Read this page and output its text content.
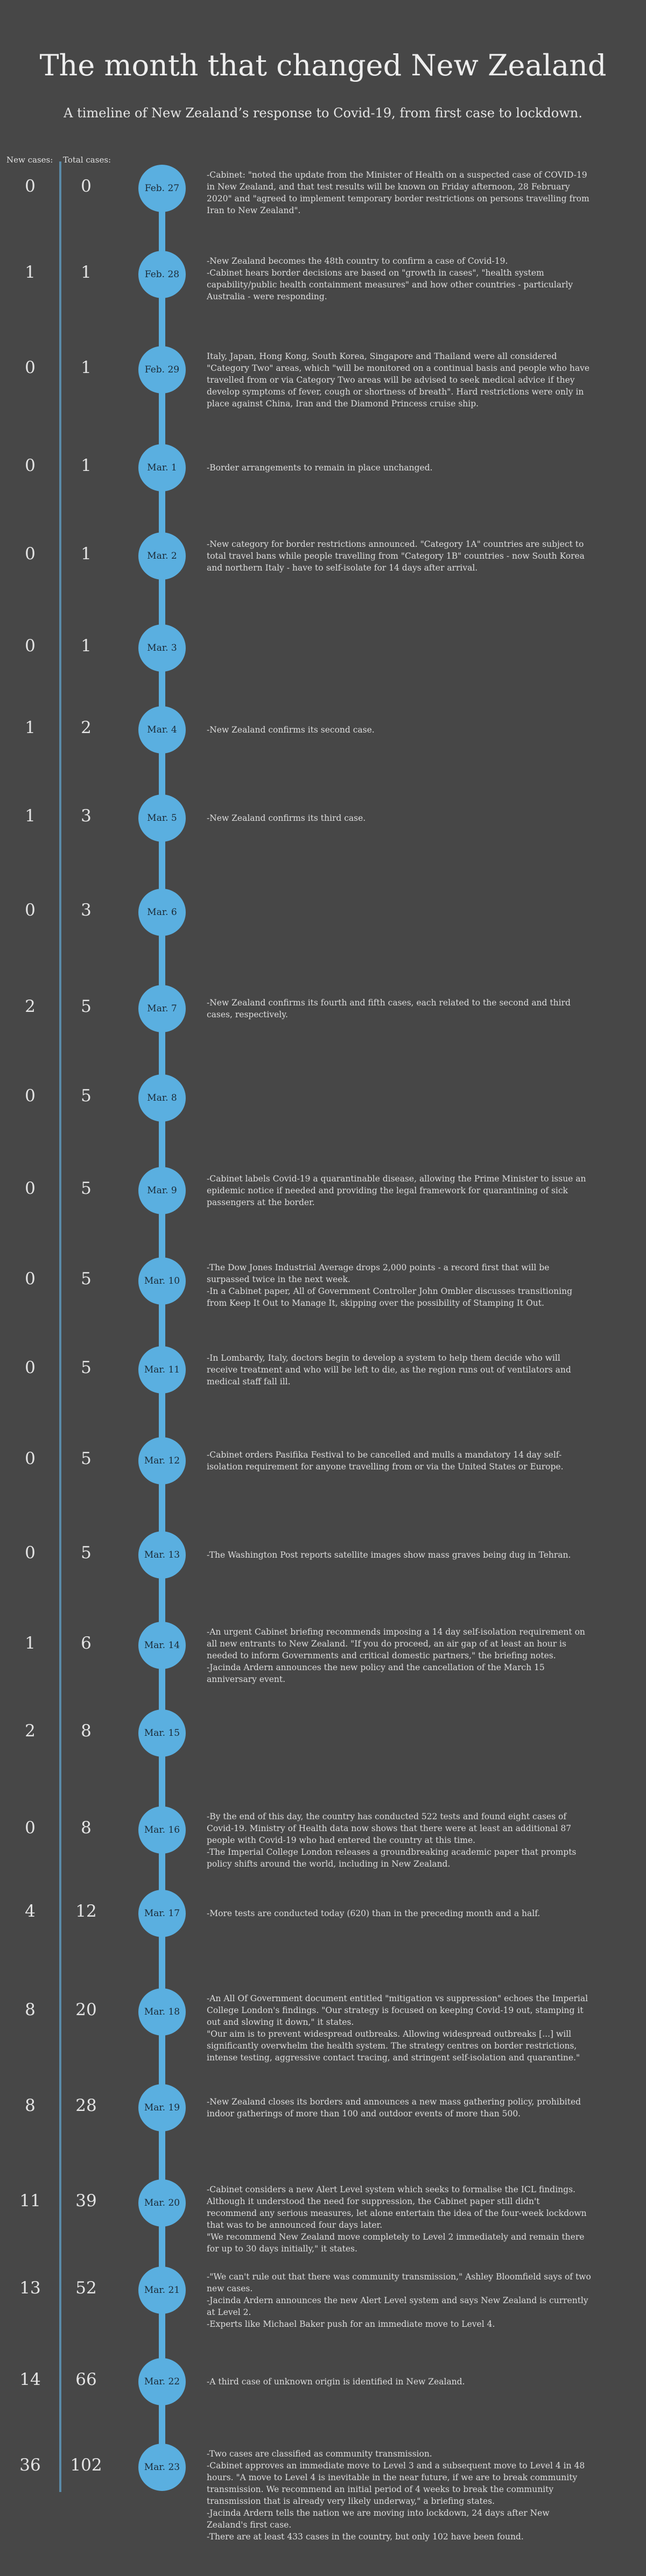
The month that changed New Zealand
A timeline of New Zealand’s response to Covid-19, from first case to lockdown.
New cases: Total cases:
0	0	Feb. 27

-Cabinet: "noted the update from the Minister of Health on a suspected case of COVID-19 in New Zealand, and that test results will be known on Friday afternoon, 28 February 2020" and "agreed to implement temporary border restrictions on persons travelling from Iran to New Zealand".

1	1	Feb. 28

-New Zealand becomes the 48th country to confirm a case of Covid-19.

-Cabinet hears border decisions are based on "growth in cases", "health system capability/public health containment measures" and how other countries - particularly Australia - were responding.

0	1	Feb. 29

Italy, Japan, Hong Kong, South Korea, Singapore and Thailand were all considered "Category Two" areas, which "will be monitored on a continual basis and people who have travelled from or via Category Two areas will be advised to seek medical advice if they develop symptoms of fever, cough or shortness of breath". Hard restrictions were only in place against China, Iran and the Diamond Princess cruise ship.

0	1	Mar. 1	-Border arrangements to remain in place unchanged.

0	1	Mar. 2

-New category for border restrictions announced. "Category 1A" countries are subject to total travel bans while people travelling from "Category 1B" countries - now South Korea and northern Italy - have to self-isolate for 14 days after arrival.

0	1	Mar. 3
1	2	Mar. 4	-New Zealand confirms its second case.

1	3	Mar. 5	-New Zealand confirms its third case.

0	3	Mar. 6
2	5	Mar. 7

-New Zealand confirms its fourth and fifth cases, each related to the second and third cases, respectively.

0	5	Mar. 8
0	5	Mar. 9

-Cabinet labels Covid-19 a quarantinable disease, allowing the Prime Minister to issue an epidemic notice if needed and providing the legal framework for quarantining of sick passengers at the border.

0	5	Mar. 10

-The Dow Jones Industrial Average drops 2,000 points - a record first that will be surpassed twice in the next week.

-In a Cabinet paper, All of Government Controller John Ombler discusses transitioning from Keep It Out to Manage It, skipping over the possibility of Stamping It Out.

0	5	Mar. 11

-In Lombardy, Italy, doctors begin to develop a system to help them decide who will receive treatment and who will be left to die, as the region runs out of ventilators and medical staff fall ill.

0	5	Mar. 12

-Cabinet orders Pasifika Festival to be cancelled and mulls a mandatory 14 day self-isolation requirement for anyone travelling from or via the United States or Europe.

0	5	Mar. 13	-The Washington Post reports satellite images show mass graves being dug in Tehran.

1	6	Mar. 14

-An urgent Cabinet briefing recommends imposing a 14 day self-isolation requirement on all new entrants to New Zealand. "If you do proceed, an air gap of at least an hour is needed to inform Governments and critical domestic partners," the briefing notes.

-Jacinda Ardern announces the new policy and the cancellation of the March 15 anniversary event.

2	8	Mar. 15
0	8	Mar. 16

-By the end of this day, the country has conducted 522 tests and found eight cases of Covid-19. Ministry of Health data now shows that there were at least an additional 87 people with Covid-19 who had entered the country at this time.

-The Imperial College London releases a groundbreaking academic paper that prompts policy shifts around the world, including in New Zealand.

4	12	Mar. 17	-More tests are conducted today (620) than in the preceding month and a half.

8	20	Mar. 18

-An All Of Government document entitled "mitigation vs suppression" echoes the Imperial College London's findings. "Our strategy is focused on keeping Covid-19 out, stamping it out and slowing it down," it states.

"Our aim is to prevent widespread outbreaks. Allowing widespread outbreaks [...] will significantly overwhelm the health system. The strategy centres on border restrictions, intense testing, aggressive contact tracing, and stringent self-isolation and quarantine."

8	28	Mar. 19

-New Zealand closes its borders and announces a new mass gathering policy, prohibited indoor gatherings of more than 100 and outdoor events of more than 500.

11	39	Mar. 20

-Cabinet considers a new Alert Level system which seeks to formalise the ICL findings. Although it understood the need for suppression, the Cabinet paper still didn't recommend any serious measures, let alone entertain the idea of the four-week lockdown that was to be announced four days later.

"We recommend New Zealand move completely to Level 2 immediately and remain there for up to 30 days initially," it states.

13	52	Mar. 21

-"We can't rule out that there was community transmission," Ashley Bloomfield says of two new cases.

-Jacinda Ardern announces the new Alert Level system and says New Zealand is currently at Level 2.

-Experts like Michael Baker push for an immediate move to Level 4.

14	66	Mar. 22	-A third case of unknown origin is identified in New Zealand.

36	102	Mar. 23

-Two cases are classified as community transmission.

-Cabinet approves an immediate move to Level 3 and a subsequent move to Level 4 in 48 hours. "A move to Level 4 is inevitable in the near future, if we are to break community transmission. We recommend an initial period of 4 weeks to break the community transmission that is already very likely underway," a briefing states.

-Jacinda Ardern tells the nation we are moving into lockdown, 24 days after New Zealand's first case.

-There are at least 433 cases in the country, but only 102 have been found.
